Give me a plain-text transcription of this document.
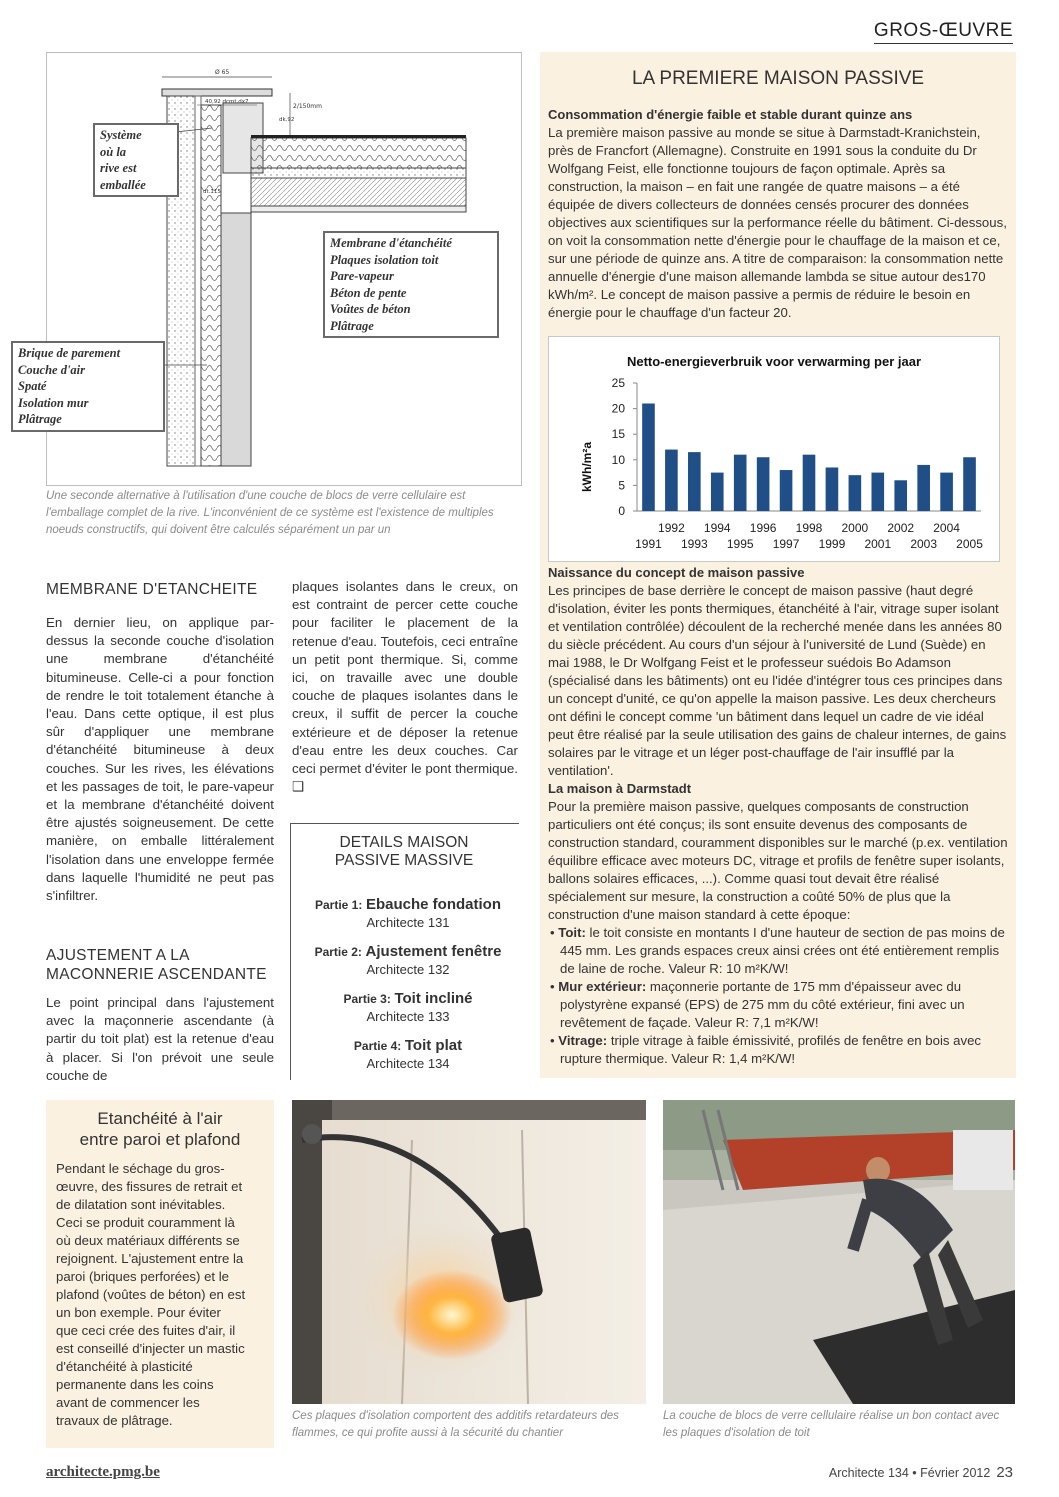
GROS-ŒUVRE
Ø 65
2/150mm
40,92 dcmt,dx7
dk,92
dt.115
Système
où la
rive est
emballée
Membrane d'étanchéité
Plaques isolation toit
Pare-vapeur
Béton de pente
Voûtes de béton
Plâtrage
Brique de parement
Couche d'air
Spaté
Isolation mur
Plâtrage
Une seconde alternative à l'utilisation d'une couche de blocs de verre cellulaire est l'emballage complet de la rive. L'inconvénient de ce système est l'existence de multiples noeuds constructifs, qui doivent être calculés séparément un par un
LA PREMIERE MAISON PASSIVE
Consommation d'énergie faible et stable durant quinze ans

La première maison passive au monde se situe à Darmstadt-Kranichstein, près de Francfort (Allemagne). Construite en 1991 sous la conduite du Dr Wolfgang Feist, elle fonctionne toujours de façon optimale. Après sa construction, la maison – en fait une rangée de quatre maisons – a été équipée de divers collecteurs de données censés procurer des données objectives aux scientifiques sur la performance réelle du bâtiment. Ci-dessous, on voit la consommation nette d'énergie pour le chauffage de la maison et ce, sur une période de quinze ans. A titre de comparaison: la consommation nette annuelle d'énergie d'une maison allemande lambda se situe autour des170 kWh/m². Le concept de maison passive a permis de réduire le besoin en énergie pour le chauffage d'un facteur 20.

Netto-energieverbruik voor verwarming per jaar
kWh/m²a
0
5
10
15
20
25
1991
1992
1993
1994
1995
1996
1997
1998
1999
2000
2001
2002
2003
2004
2005
Naissance du concept de maison passive

Les principes de base derrière le concept de maison passive (haut degré d'isolation, éviter les ponts thermiques, étanchéité à l'air, vitrage super isolant et ventilation contrôlée) découlent de la recherché menée dans les années 80 du siècle précédent. Au cours d'un séjour à l'université de Lund (Suède) en mai 1988, le Dr Wolfgang Feist et le professeur suédois Bo Adamson (spécialisé dans les bâtiments) ont eu l'idée d'intégrer tous ces principes dans un concept d'unité, ce qu'on appelle la maison passive. Les deux chercheurs ont défini le concept comme 'un bâtiment dans lequel un cadre de vie idéal peut être réalisé par la seule utilisation des gains de chaleur internes, de gains solaires par le vitrage et un léger post-chauffage de l'air insufflé par la ventilation'.

La maison à Darmstadt

Pour la première maison passive, quelques composants de construction particuliers ont été conçus; ils sont ensuite devenus des composants de construction standard, couramment disponibles sur le marché (p.ex. ventilation équilibre efficace avec moteurs DC, vitrage et profils de fenêtre super isolants, ballons solaires efficaces, ...). Comme quasi tout devait être réalisé spécialement sur mesure, la construction a coûté 50% de plus que la construction d'une maison standard à cette époque:

• Toit: le toit consiste en montants I d'une hauteur de section de pas moins de 445 mm. Les grands espaces creux ainsi crées ont été entièrement remplis de laine de roche. Valeur R: 10 m²K/W!
• Mur extérieur: maçonnerie portante de 175 mm d'épaisseur avec du polystyrène expansé (EPS) de 275 mm du côté extérieur, fini avec un revêtement de façade. Valeur R: 7,1 m²K/W!
• Vitrage: triple vitrage à faible émissivité, profilés de fenêtre en bois avec rupture thermique. Valeur R: 1,4 m²K/W!
MEMBRANE D'ETANCHEITE

En dernier lieu, on applique par-dessus la seconde couche d'isolation une membrane d'étanchéité bitumineuse. Celle-ci a pour fonction de rendre le toit totalement étanche à l'eau. Dans cette optique, il est plus sûr d'appliquer une membrane d'étanchéité bitumineuse à deux couches. Sur les rives, les élévations et les passages de toit, le pare-vapeur et la membrane d'étanchéité doivent être ajustés soigneusement. De cette manière, on emballe littéralement l'isolation dans une enveloppe fermée dans laquelle l'humidité ne peut pas s'infiltrer.

AJUSTEMENT A LA MACONNERIE ASCENDANTE

Le point principal dans l'ajustement avec la maçonnerie ascendante (à partir du toit plat) est la retenue d'eau à placer. Si l'on prévoit une seule couche de

plaques isolantes dans le creux, on est contraint de percer cette couche pour faciliter le placement de la retenue d'eau. Toutefois, ceci entraîne un petit pont thermique. Si, comme ici, on travaille avec une double couche de plaques isolantes dans le creux, il suffit de percer la couche extérieure et de déposer la retenue d'eau entre les deux couches. Car ceci permet d'éviter le pont thermique. ❑

DETAILS MAISON PASSIVE MASSIVE
Partie 1: Ebauche fondation Architecte 131
Partie 2: Ajustement fenêtre Architecte 132
Partie 3: Toit incliné
Architecte 133
Partie 4: Toit plat
Architecte 134
Etanchéité à l'air entre paroi et plafond
Pendant le séchage du gros-œuvre, des fissures de retrait et de dilatation sont inévitables. Ceci se produit couramment là où deux matériaux différents se rejoignent. L'ajustement entre la paroi (briques perforées) et le plafond (voûtes de béton) en est un bon exemple. Pour éviter que ceci crée des fuites d'air, il est conseillé d'injecter un mastic d'étanchéité à plasticité permanente dans les coins avant de commencer les travaux de plâtrage.	Ces plaques d'isolation comportent des additifs retardateurs des flammes, ce qui profite aussi à la sécurité du chantier
La couche de blocs de verre cellulaire réalise un bon contact avec les plaques d'isolation de toit
architecte.pmg.be	Architecte 134 • Février 2012 23
